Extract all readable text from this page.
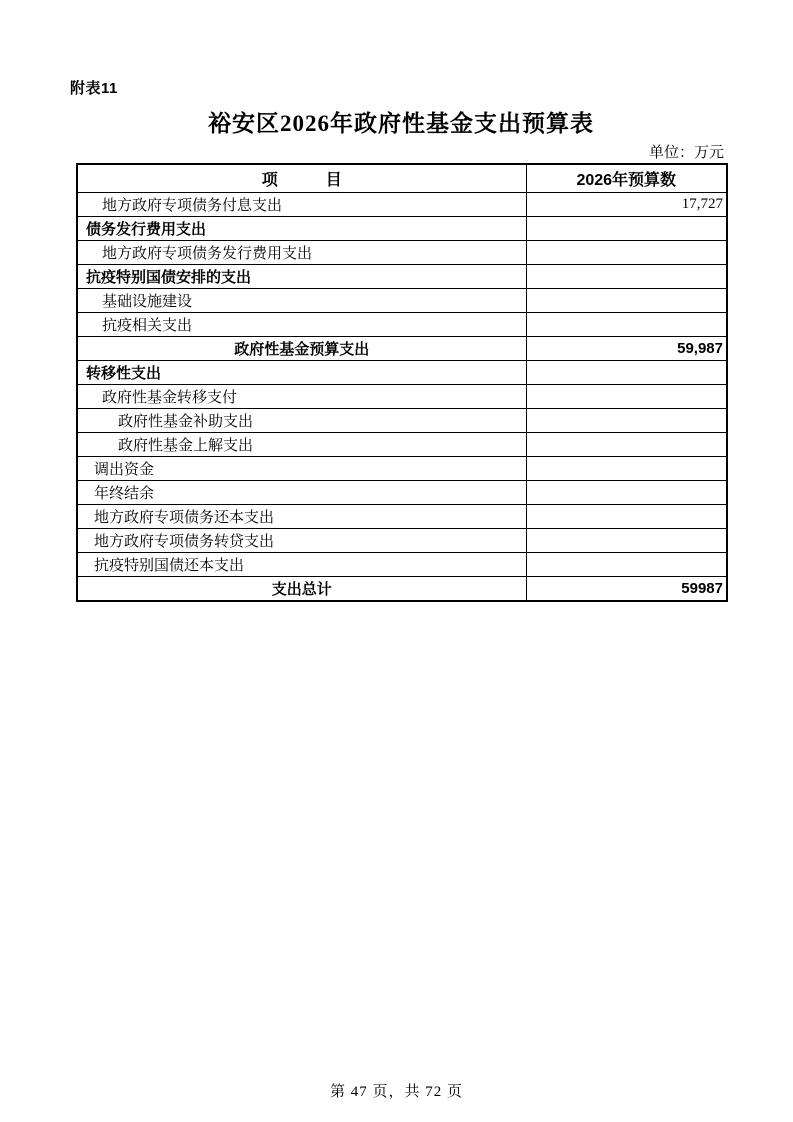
附表11
裕安区2026年政府性基金支出预算表
单位：万元
项　　　目	2026年预算数
地方政府专项债务付息支出	17,727
债务发行费用支出	
地方政府专项债务发行费用支出	
抗疫特别国债安排的支出	
基础设施建设	
抗疫相关支出	
政府性基金预算支出	59,987
转移性支出	
政府性基金转移支付	
政府性基金补助支出	
政府性基金上解支出	
调出资金	
年终结余	
地方政府专项债务还本支出	
地方政府专项债务转贷支出	
抗疫特别国债还本支出	
支出总计	59987
第 47 页，共 72 页
